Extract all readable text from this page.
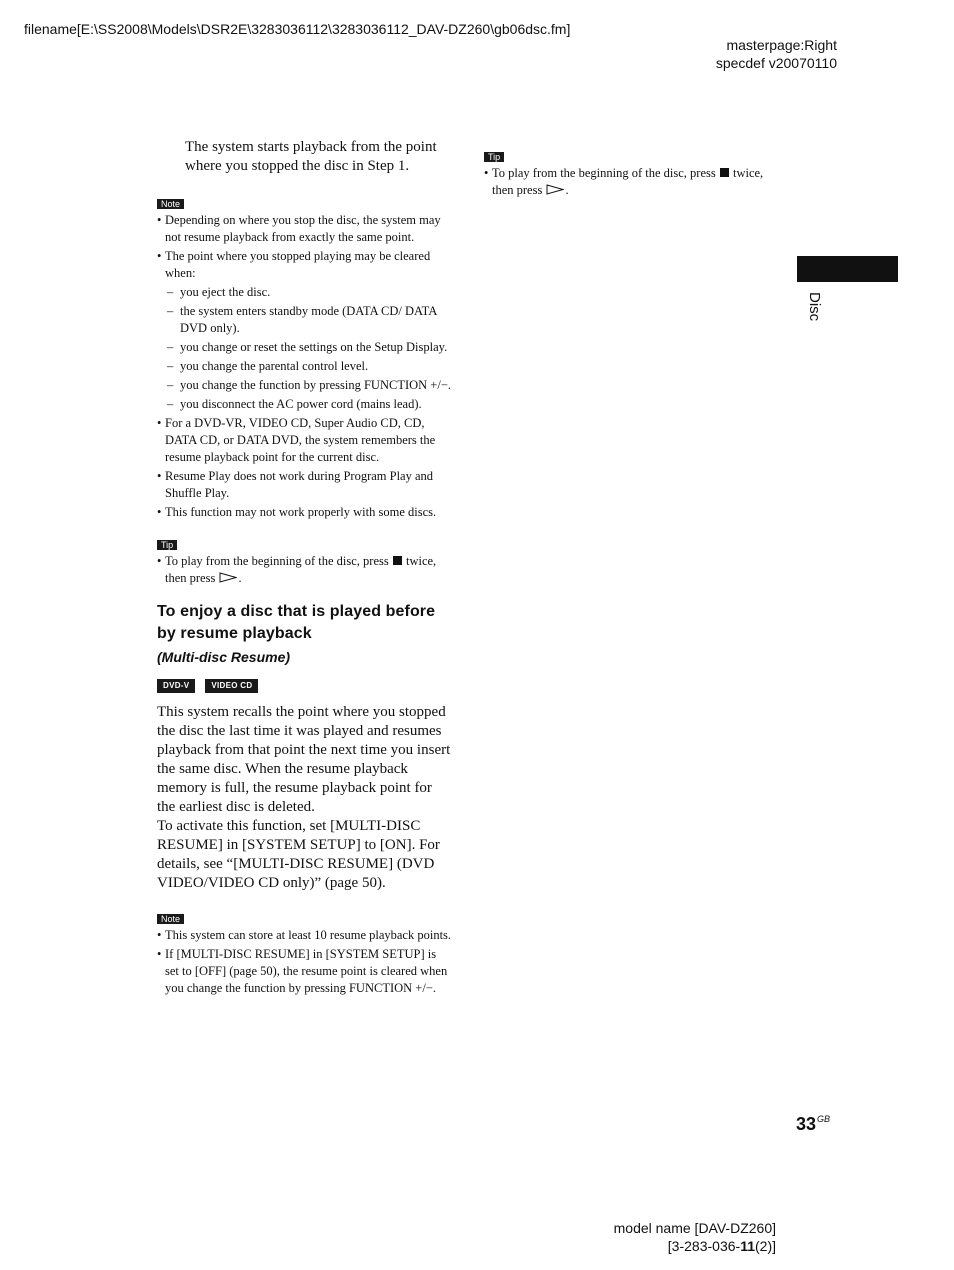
filename[E:\SS2008\Models\DSR2E\3283036112\3283036112_DAV-DZ260\gb06dsc.fm]
masterpage:Right
specdef v20070110

The system starts playback from the point where you stopped the disc in Step 1.

Note
• Depending on where you stop the disc, the system may not resume playback from exactly the same point.
• The point where you stopped playing may be cleared when:
– you eject the disc.
– the system enters standby mode (DATA CD/ DATA DVD only).
– you change or reset the settings on the Setup Display.
– you change the parental control level.
– you change the function by pressing FUNCTION +/−.
– you disconnect the AC power cord (mains lead).
• For a DVD-VR, VIDEO CD, Super Audio CD, CD, DATA CD, or DATA DVD, the system remembers the resume playback point for the current disc.
• Resume Play does not work during Program Play and Shuffle Play.
• This function may not work properly with some discs.
Tip
• To play from the beginning of the disc, press twice, then press .
To enjoy a disc that is played before by resume playback
(Multi-disc Resume)
DVD-V	VIDEO CD

This system recalls the point where you stopped the disc the last time it was played and resumes playback from that point the next time you insert the same disc. When the resume playback memory is full, the resume playback point for the earliest disc is deleted.

To activate this function, set [MULTI-DISC RESUME] in [SYSTEM SETUP] to [ON]. For details, see “[MULTI-DISC RESUME] (DVD VIDEO/VIDEO CD only)” (page 50).

Note
• This system can store at least 10 resume playback points.
• If [MULTI-DISC RESUME] in [SYSTEM SETUP] is set to [OFF] (page 50), the resume point is cleared when you change the function by pressing FUNCTION +/−.
Tip
• To play from the beginning of the disc, press twice, then press .
Disc
$33^{GB}$
model name [DAV-DZ260]
[3-283-036-11(2)]
